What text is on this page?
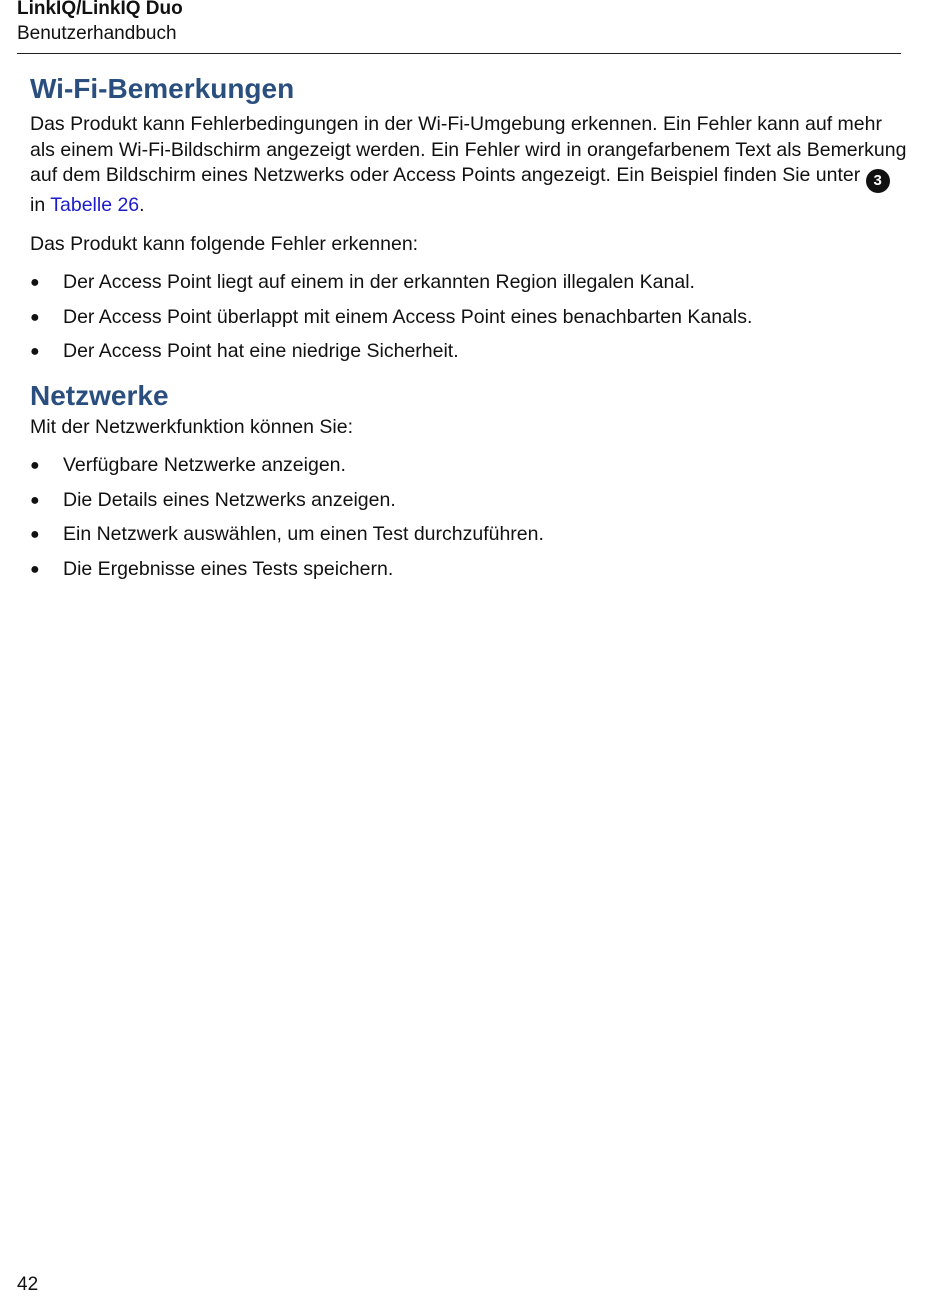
LinkIQ/LinkIQ Duo
Benutzerhandbuch
Wi-Fi-Bemerkungen

Das Produkt kann Fehlerbedingungen in der Wi-Fi-Umgebung erkennen. Ein Fehler kann auf mehr als einem Wi-Fi-Bildschirm angezeigt werden. Ein Fehler wird in orangefarbenem Text als Bemerkung auf dem Bildschirm eines Netzwerks oder Access Points angezeigt. Ein Beispiel finden Sie unter 3 in Tabelle 26.

Das Produkt kann folgende Fehler erkennen:

● Der Access Point liegt auf einem in der erkannten Region illegalen Kanal.
● Der Access Point überlappt mit einem Access Point eines benachbarten Kanals.
● Der Access Point hat eine niedrige Sicherheit.
Netzwerke

Mit der Netzwerkfunktion können Sie:

● Verfügbare Netzwerke anzeigen.
● Die Details eines Netzwerks anzeigen.
● Ein Netzwerk auswählen, um einen Test durchzuführen.
● Die Ergebnisse eines Tests speichern.
42
